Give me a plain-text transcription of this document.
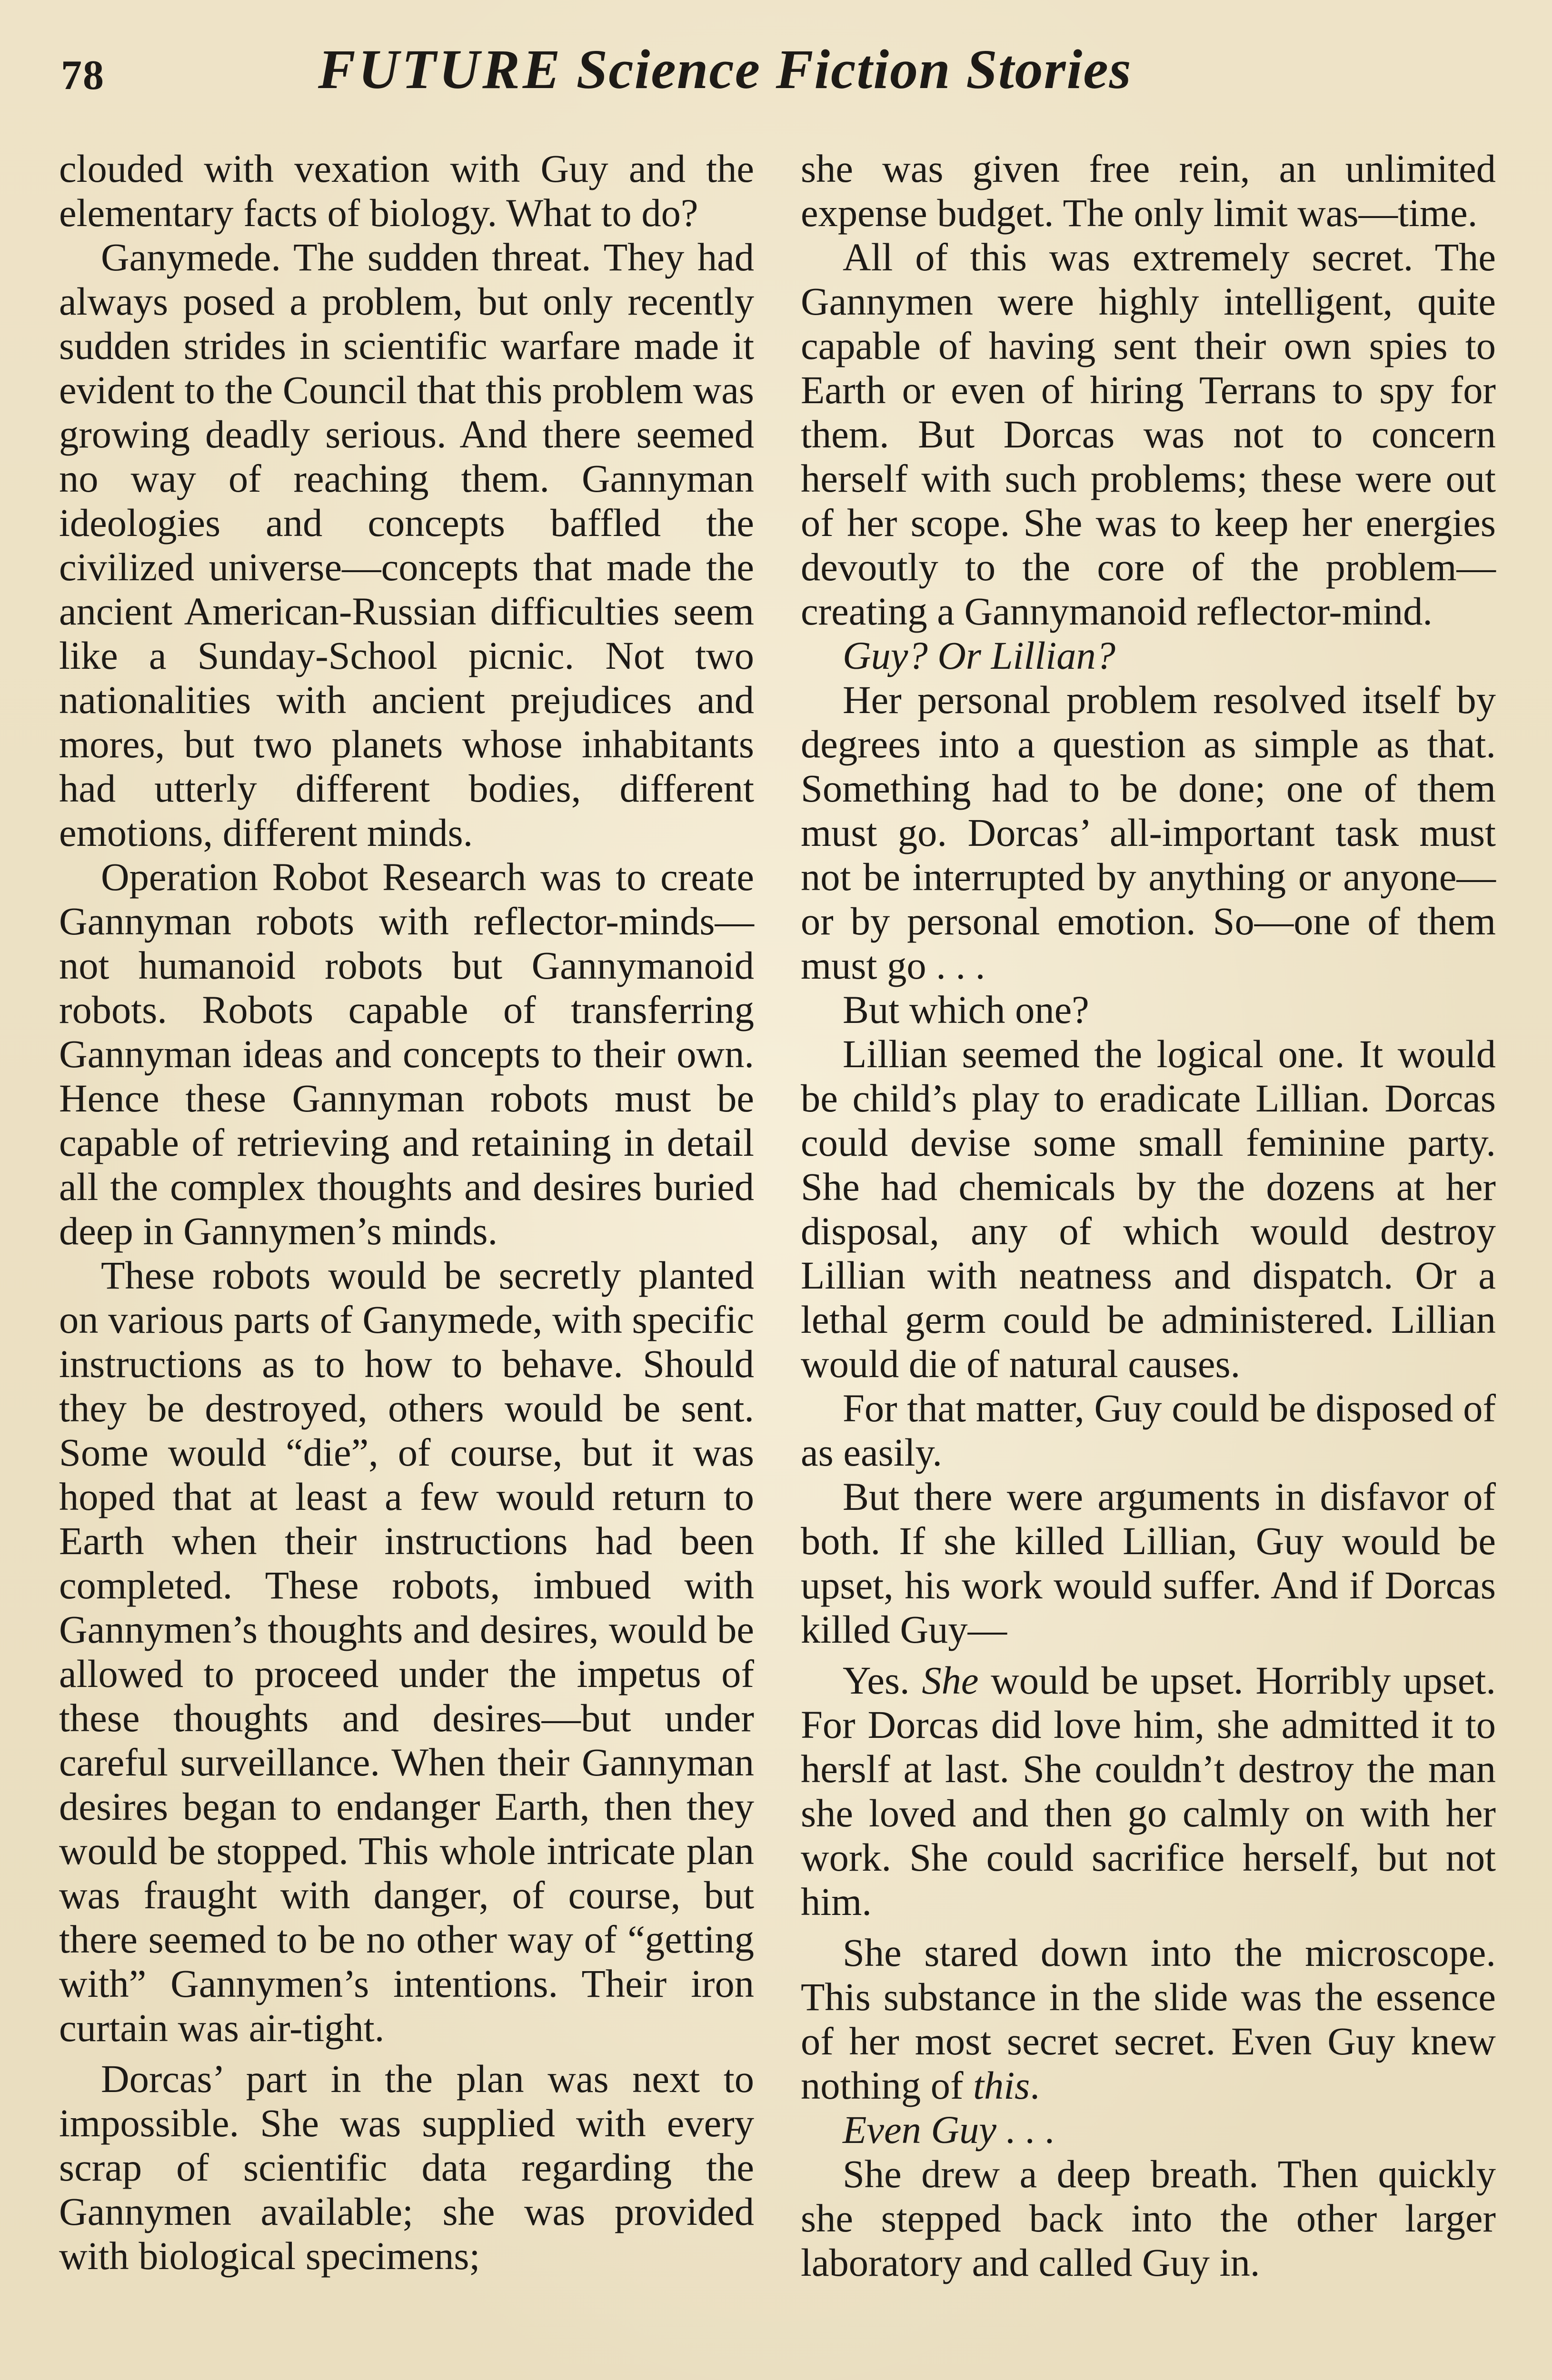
78	FUTURE Science Fiction Stories

clouded with vexation with Guy and the elementary facts of biology. What to do?

Ganymede. The sudden threat. They had always posed a problem, but only recently sudden strides in scientific warfare made it evident to the Council that this problem was growing deadly serious. And there seemed no way of reaching them. Gannyman ideologies and concepts baffled the civilized universe—concepts that made the ancient American-Russian difficulties seem like a Sunday-School picnic. Not two nationalities with ancient prejudices and mores, but two planets whose inhabitants had utterly different bodies, different emotions, different minds.

Operation Robot Research was to create Gannyman robots with reflector-minds—not humanoid robots but Gannymanoid robots. Robots capable of transferring Gannyman ideas and concepts to their own. Hence these Gannyman robots must be capable of retrieving and retaining in detail all the complex thoughts and desires buried deep in Gannymen’s minds.

These robots would be secretly planted on various parts of Ganymede, with specific instructions as to how to behave. Should they be destroyed, others would be sent. Some would “die”, of course, but it was hoped that at least a few would return to Earth when their instructions had been completed. These robots, imbued with Gannymen’s thoughts and desires, would be allowed to proceed under the impetus of these thoughts and desires—but under careful surveillance. When their Gannyman desires began to endanger Earth, then they would be stopped. This whole intricate plan was fraught with danger, of course, but there seemed to be no other way of “getting with” Gannymen’s intentions. Their iron curtain was air-tight.

Dorcas’ part in the plan was next to impossible. She was supplied with every scrap of scientific data regarding the Gannymen available; she was provided with biological specimens;

she was given free rein, an unlimited expense budget. The only limit was—time.

All of this was extremely secret. The Gannymen were highly intelligent, quite capable of having sent their own spies to Earth or even of hiring Terrans to spy for them. But Dorcas was not to concern herself with such problems; these were out of her scope. She was to keep her energies devoutly to the core of the problem—creating a Gannymanoid reflector-mind.

Guy? Or Lillian?

Her personal problem resolved itself by degrees into a question as simple as that. Something had to be done; one of them must go. Dorcas’ all-important task must not be interrupted by anything or anyone—or by personal emotion. So—one of them must go . . .

But which one?

Lillian seemed the logical one. It would be child’s play to eradicate Lillian. Dorcas could devise some small feminine party. She had chemicals by the dozens at her disposal, any of which would destroy Lillian with neatness and dispatch. Or a lethal germ could be administered. Lillian would die of natural causes.

For that matter, Guy could be disposed of as easily.

But there were arguments in disfavor of both. If she killed Lillian, Guy would be upset, his work would suffer. And if Dorcas killed Guy—

Yes. She would be upset. Horribly upset. For Dorcas did love him, she admitted it to herslf at last. She couldn’t destroy the man she loved and then go calmly on with her work. She could sacrifice herself, but not him.

She stared down into the microscope. This substance in the slide was the essence of her most secret secret. Even Guy knew nothing of this.

Even Guy . . .

She drew a deep breath. Then quickly she stepped back into the other larger laboratory and called Guy in.
